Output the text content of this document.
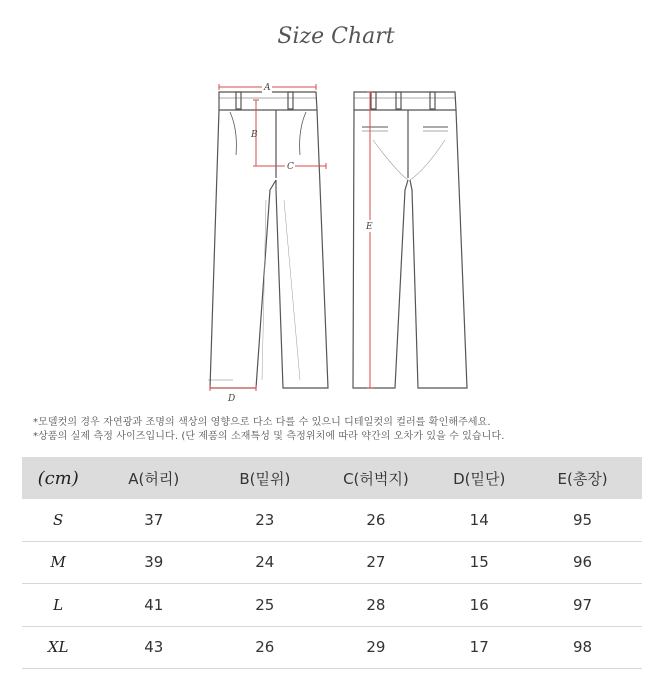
Size Chart
A
B
C
D
E
*모델컷의 경우 자연광과 조명의 색상의 영향으로 다소 다를 수 있으니 디테일컷의 컬러를 확인해주세요.
*상품의 실제 측정 사이즈입니다. (단 제품의 소재특성 및 측정위치에 따라 약간의 오차가 있을 수 있습니다.
(cm)	A(허리)	B(밑위)	C(허벅지)	D(밑단)	E(총장)
S	37	23	26	14	95
M	39	24	27	15	96
L	41	25	28	16	97
XL	43	26	29	17	98
